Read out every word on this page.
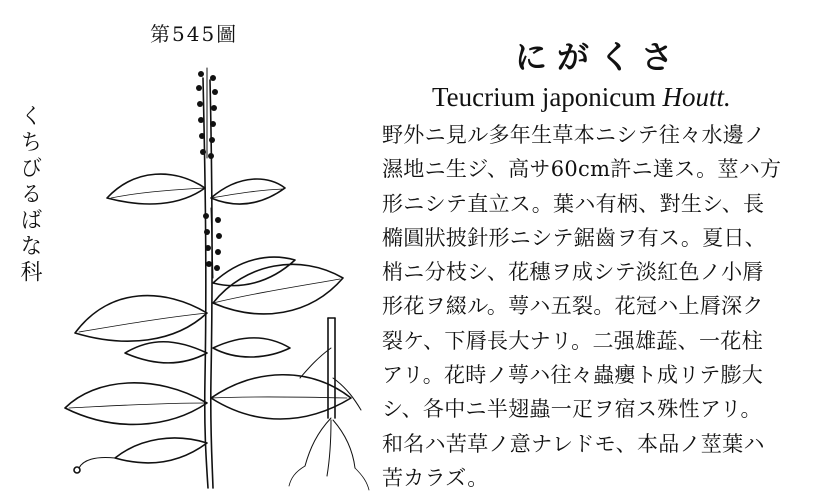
第545圖
くちびるばな科
にがくさ
Teucrium japonicum Houtt.
野外ニ見ル多年生草本ニシテ往々水邊ノ
濕地ニ生ジ、高サ60cm許ニ達ス。莖ハ方
形ニシテ直立ス。葉ハ有柄、對生シ、長
橢圓狀披針形ニシテ鋸齒ヲ有ス。夏日、
梢ニ分枝シ、花穗ヲ成シテ淡紅色ノ小脣
形花ヲ綴ル。萼ハ五裂。花冠ハ上脣深ク
裂ケ、下脣長大ナリ。二强雄蕋、一花柱
アリ。花時ノ萼ハ往々蟲癭ト成リテ膨大
シ、各中ニ半翅蟲一疋ヲ宿ス殊性アリ。
和名ハ苦草ノ意ナレドモ、本品ノ莖葉ハ
苦カラズ。
